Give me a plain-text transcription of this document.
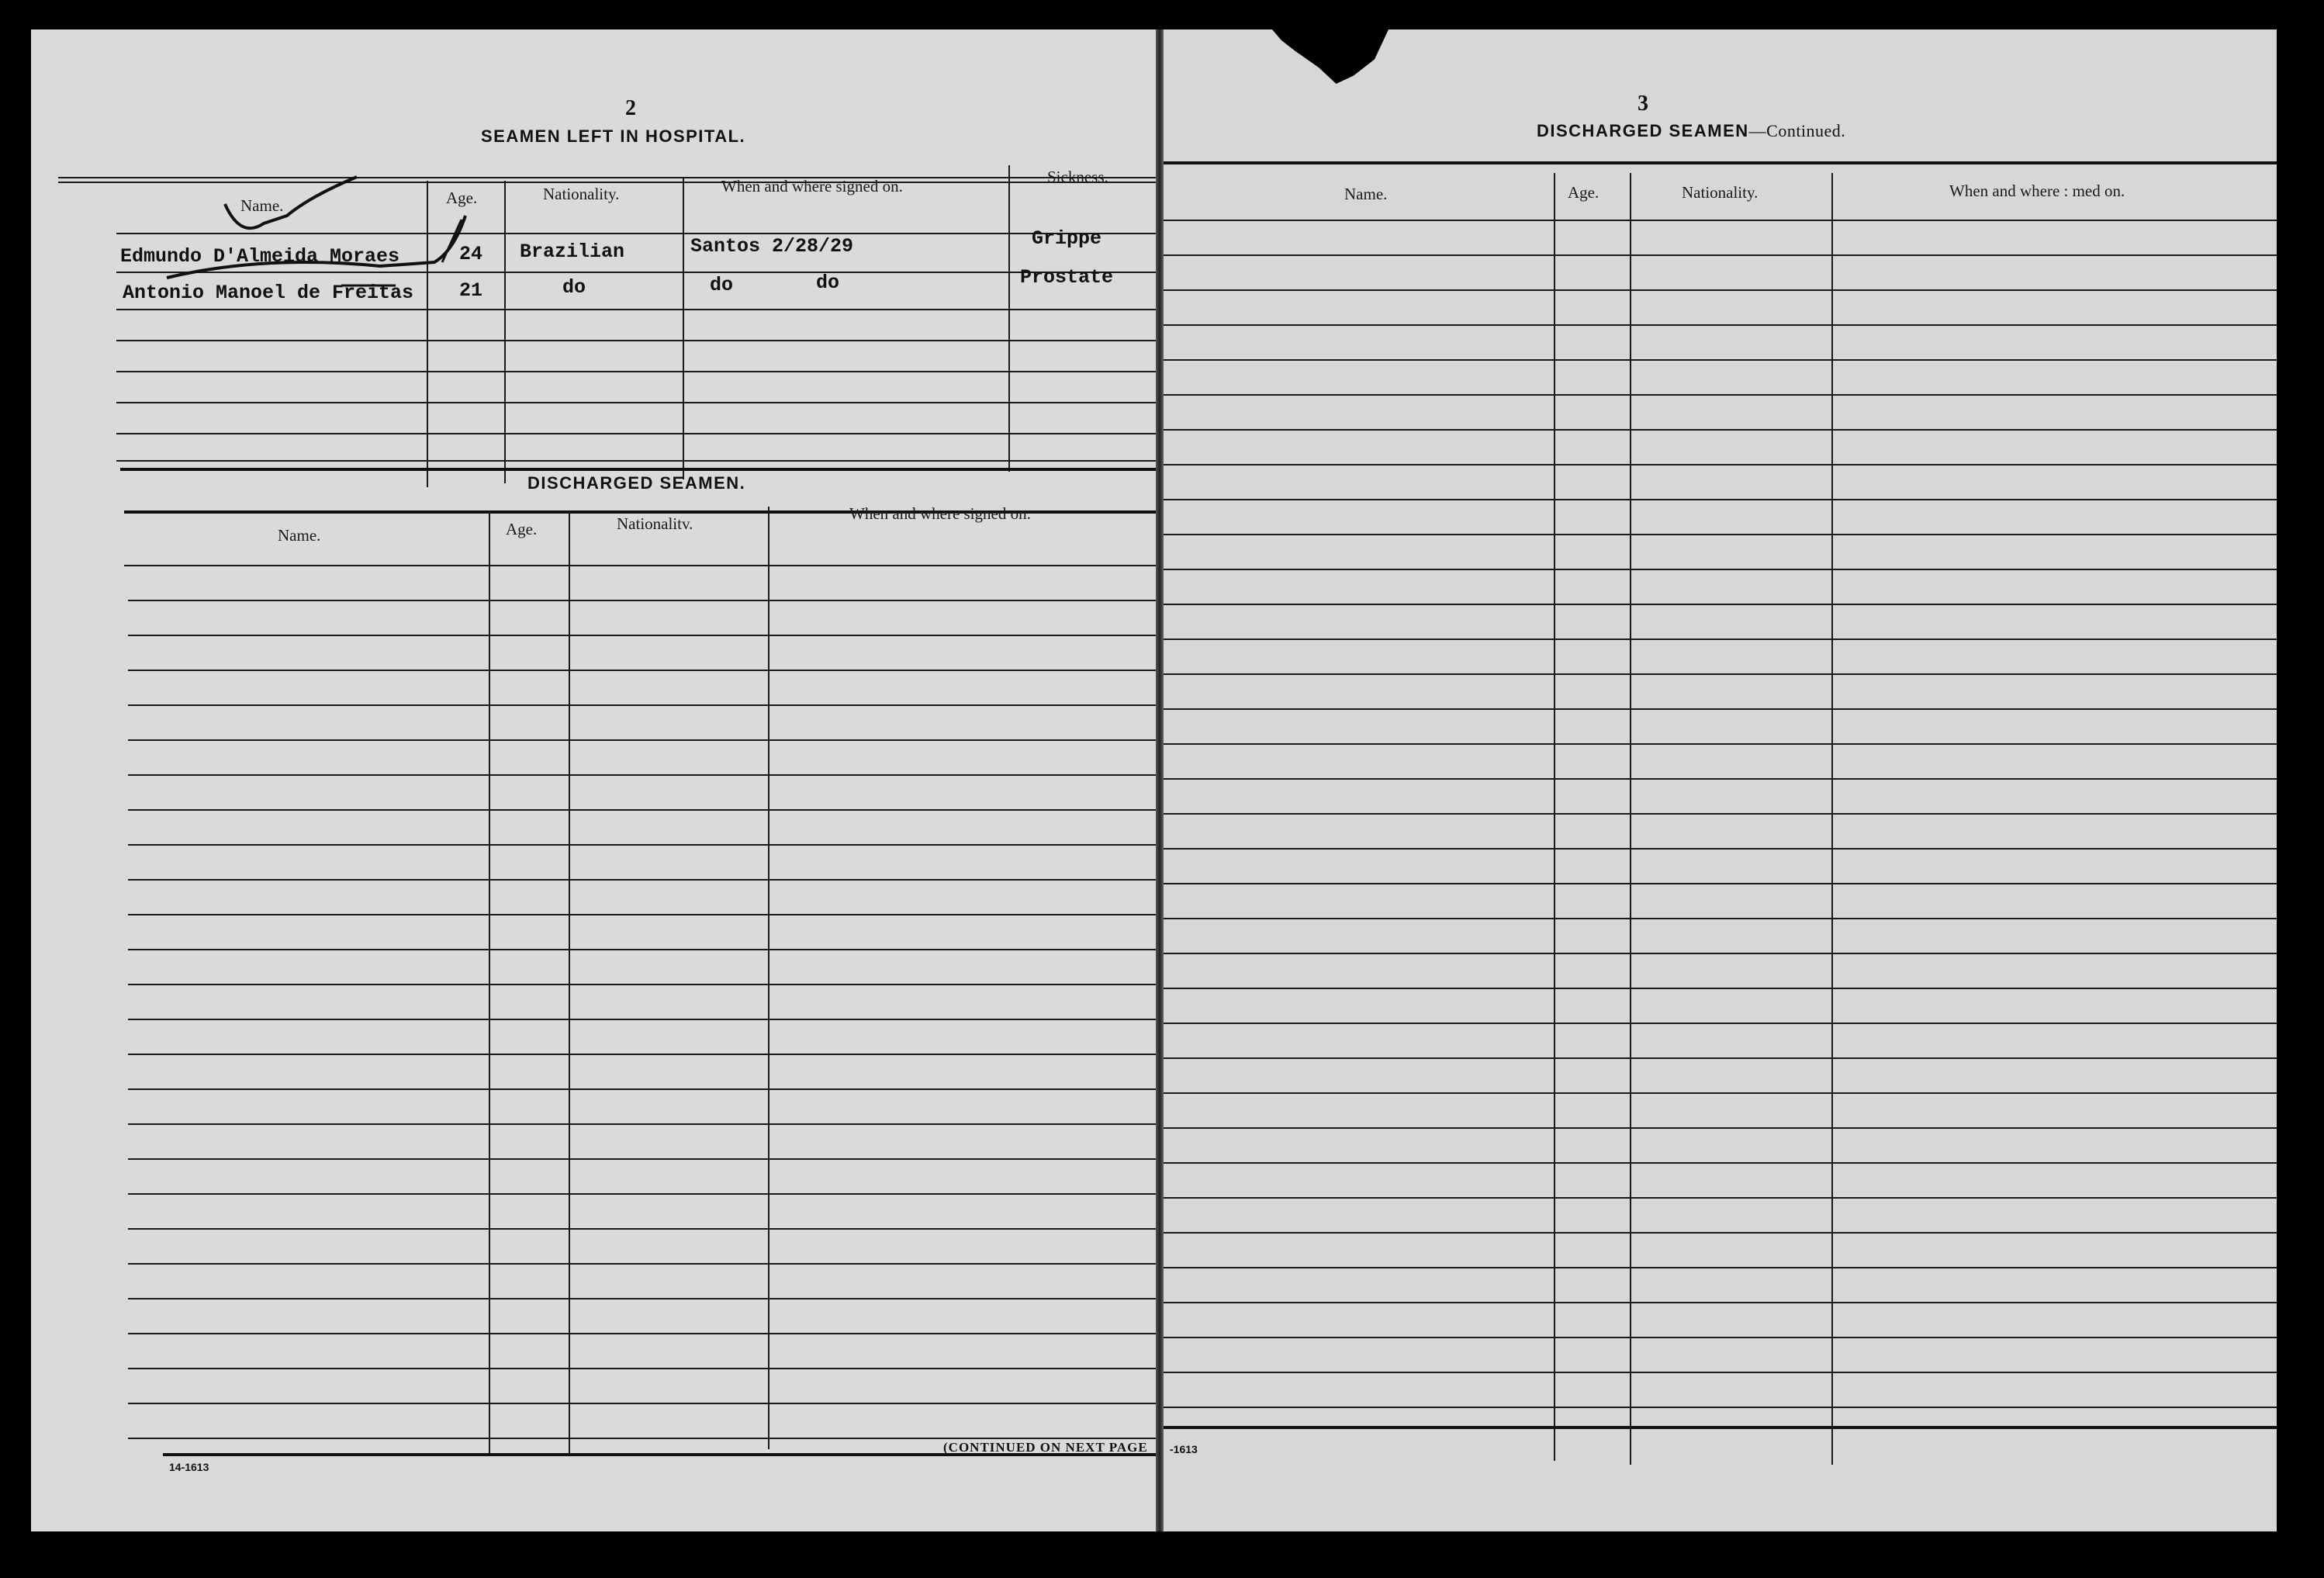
2
SEAMEN LEFT IN HOSPITAL.
Name.	Age.	Nationality.	When and where signed on.	Sickness.
Edmundo D'Almeida Moraes	24 Brazilian	Santos 2/28/29	Grippe
Antonio Manoel de Freitas 21	do	do	do	Prostate
DISCHARGED SEAMEN.
Name.	Age.	Nationalitv.
When and where signed on.
14-1613
(CONTINUED ON NEXT PAGE
3
DISCHARGED SEAMEN—Continued.
Name.	Age.	Nationality.	When and where : med on.
-1613
